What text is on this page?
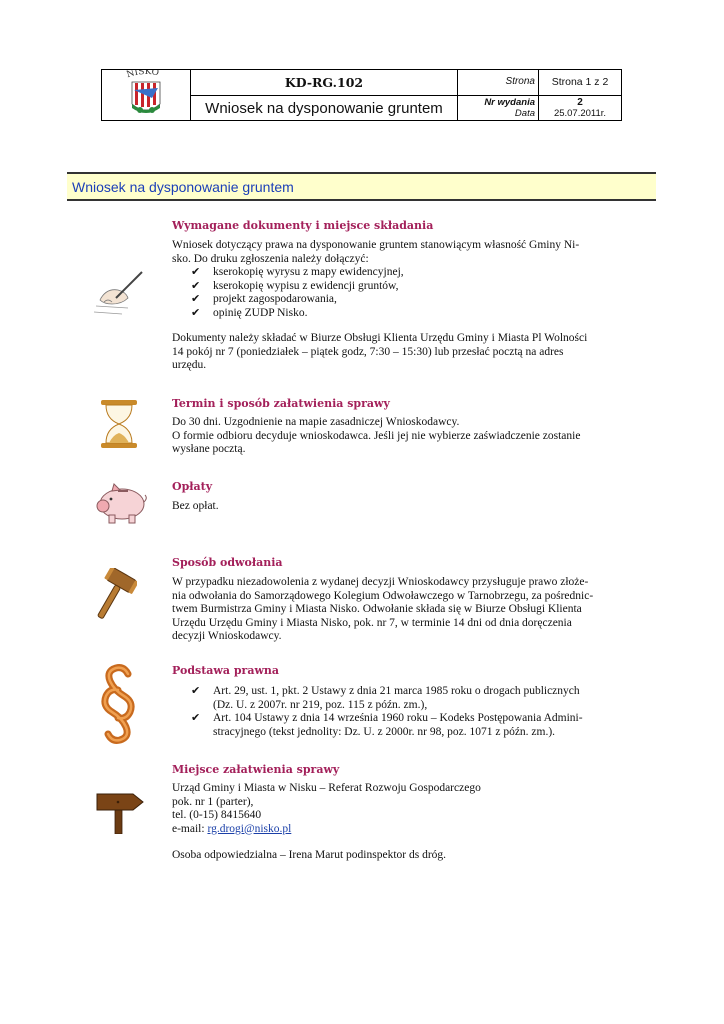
NISKO
KD-RG.102
Wniosek na dysponowanie gruntem
Strona
Nr wydania
Data
Strona 1 z 2
2
25.07.2011r.
Wniosek na dysponowanie gruntem
Wymagane dokumenty i miejsce składania

Wniosek dotyczący prawa na dysponowanie gruntem stanowiącym własność Gminy Ni-

sko. Do druku zgłoszenia należy dołączyć:

✔ kserokopię wyrysu z mapy ewidencyjnej,
✔ kserokopię wypisu z ewidencji gruntów,
✔ projekt zagospodarowania,
✔ opinię ZUDP Nisko.

Dokumenty należy składać w Biurze Obsługi Klienta Urzędu Gminy i Miasta Pl Wolności

14 pokój nr 7 (poniedziałek – piątek godz, 7:30 – 15:30) lub przesłać pocztą na adres

urzędu.

Termin i sposób załatwienia sprawy

Do 30 dni. Uzgodnienie na mapie zasadniczej Wnioskodawcy.

O formie odbioru decyduje wnioskodawca. Jeśli jej nie wybierze zaświadczenie zostanie

wysłane pocztą.

Opłaty
Bez opłat.
Sposób odwołania

W przypadku niezadowolenia z wydanej decyzji Wnioskodawcy przysługuje prawo złoże-

nia odwołania do Samorządowego Kolegium Odwoławczego w Tarnobrzegu, za pośrednic-

twem Burmistrza Gminy i Miasta Nisko. Odwołanie składa się w Biurze Obsługi Klienta

Urzędu Urzędu Gminy i Miasta Nisko, pok. nr 7, w terminie 14 dni od dnia doręczenia

decyzji Wnioskodawcy.

Podstawa prawna
✔ Art. 29, ust. 1, pkt. 2 Ustawy z dnia 21 marca 1985 roku o drogach publicznych
(Dz. U. z 2007r. nr 219, poz. 115 z późn. zm.),
✔ Art. 104 Ustawy z dnia 14 września 1960 roku – Kodeks Postępowania Admini-
stracyjnego (tekst jednolity: Dz. U. z 2000r. nr 98, poz. 1071 z późn. zm.).
Miejsce załatwienia sprawy

Urząd Gminy i Miasta w Nisku – Referat Rozwoju Gospodarczego

pok. nr 1 (parter),

tel. (0-15) 8415640

e-mail: rg.drogi@nisko.pl

Osoba odpowiedzialna – Irena Marut podinspektor ds dróg.
